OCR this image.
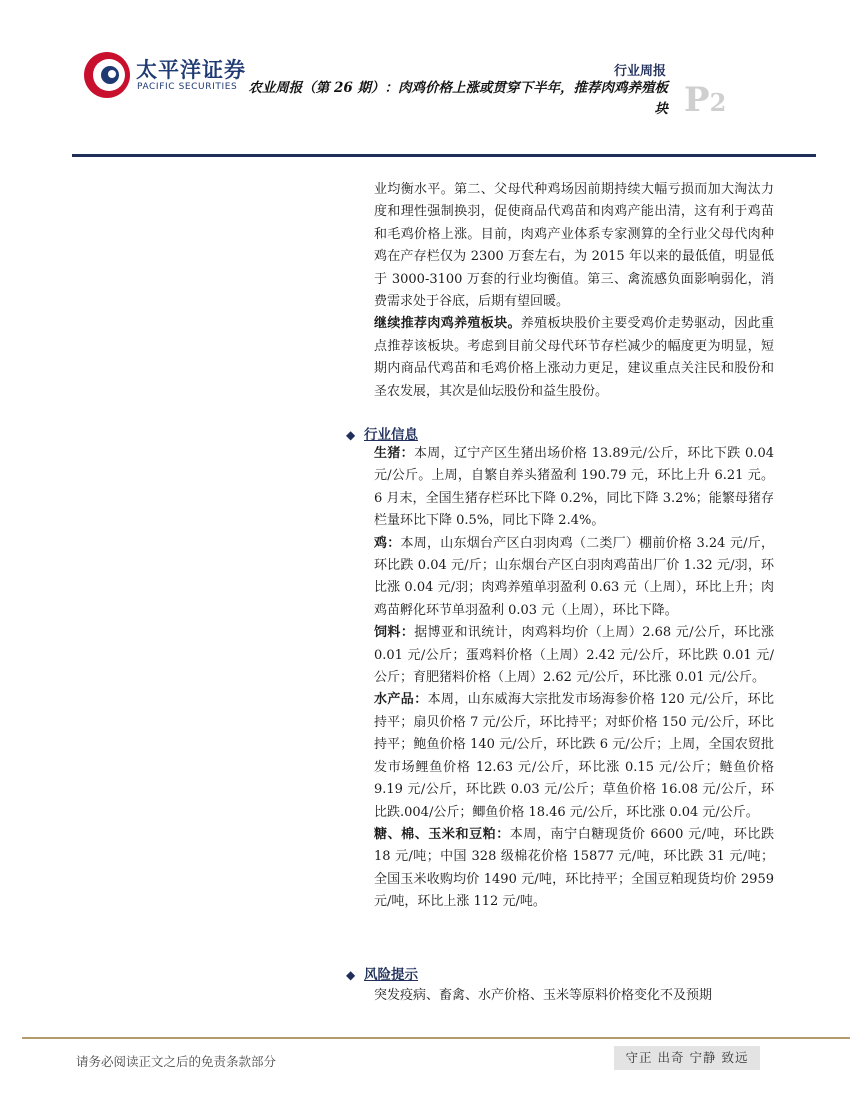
太平洋证券
PACIFIC SECURITIES
行业周报
农业周报（第 26 期）：肉鸡价格上涨或贯穿下半年，推荐肉鸡养殖板块 P2

业均衡水平。第二、父母代种鸡场因前期持续大幅亏损而加大淘汰力度和理性强制换羽，促使商品代鸡苗和肉鸡产能出清，这有利于鸡苗和毛鸡价格上涨。目前，肉鸡产业体系专家测算的全行业父母代肉种鸡在产存栏仅为 2300 万套左右，为 2015 年以来的最低值，明显低于 3000-3100 万套的行业均衡值。第三、禽流感负面影响弱化，消费需求处于谷底，后期有望回暖。

继续推荐肉鸡养殖板块。养殖板块股价主要受鸡价走势驱动，因此重点推荐该板块。考虑到目前父母代环节存栏减少的幅度更为明显，短期内商品代鸡苗和毛鸡价格上涨动力更足，建议重点关注民和股份和圣农发展，其次是仙坛股份和益生股份。

◆ 行业信息

生猪：本周，辽宁产区生猪出场价格 13.89元/公斤，环比下跌 0.04元/公斤。上周，自繁自养头猪盈利 190.79 元，环比上升 6.21 元。6 月末，全国生猪存栏环比下降 0.2%，同比下降 3.2%；能繁母猪存栏量环比下降 0.5%，同比下降 2.4%。

鸡：本周，山东烟台产区白羽肉鸡（二类厂）棚前价格 3.24 元/斤，环比跌 0.04 元/斤；山东烟台产区白羽肉鸡苗出厂价 1.32 元/羽，环比涨 0.04 元/羽；肉鸡养殖单羽盈利 0.63 元（上周），环比上升；肉鸡苗孵化环节单羽盈利 0.03 元（上周），环比下降。

饲料：据博亚和讯统计，肉鸡料均价（上周）2.68 元/公斤，环比涨 0.01 元/公斤；蛋鸡料价格（上周）2.42 元/公斤，环比跌 0.01 元/公斤；育肥猪料价格（上周）2.62 元/公斤，环比涨 0.01 元/公斤。

水产品：本周，山东威海大宗批发市场海参价格 120 元/公斤，环比持平；扇贝价格 7 元/公斤，环比持平；对虾价格 150 元/公斤，环比持平；鲍鱼价格 140 元/公斤，环比跌 6 元/公斤；上周，全国农贸批发市场鲤鱼价格 12.63 元/公斤，环比涨 0.15 元/公斤；鲢鱼价格 9.19 元/公斤，环比跌 0.03 元/公斤；草鱼价格 16.08 元/公斤，环比跌.004/公斤；鲫鱼价格 18.46 元/公斤，环比涨 0.04 元/公斤。

糖、棉、玉米和豆粕：本周，南宁白糖现货价 6600 元/吨，环比跌 18 元/吨；中国 328 级棉花价格 15877 元/吨，环比跌 31 元/吨；全国玉米收购均价 1490 元/吨，环比持平；全国豆粕现货均价 2959 元/吨，环比上涨 112 元/吨。

◆ 风险提示

突发疫病、畜禽、水产价格、玉米等原料价格变化不及预期

请务必阅读正文之后的免责条款部分	守正 出奇 宁静 致远
